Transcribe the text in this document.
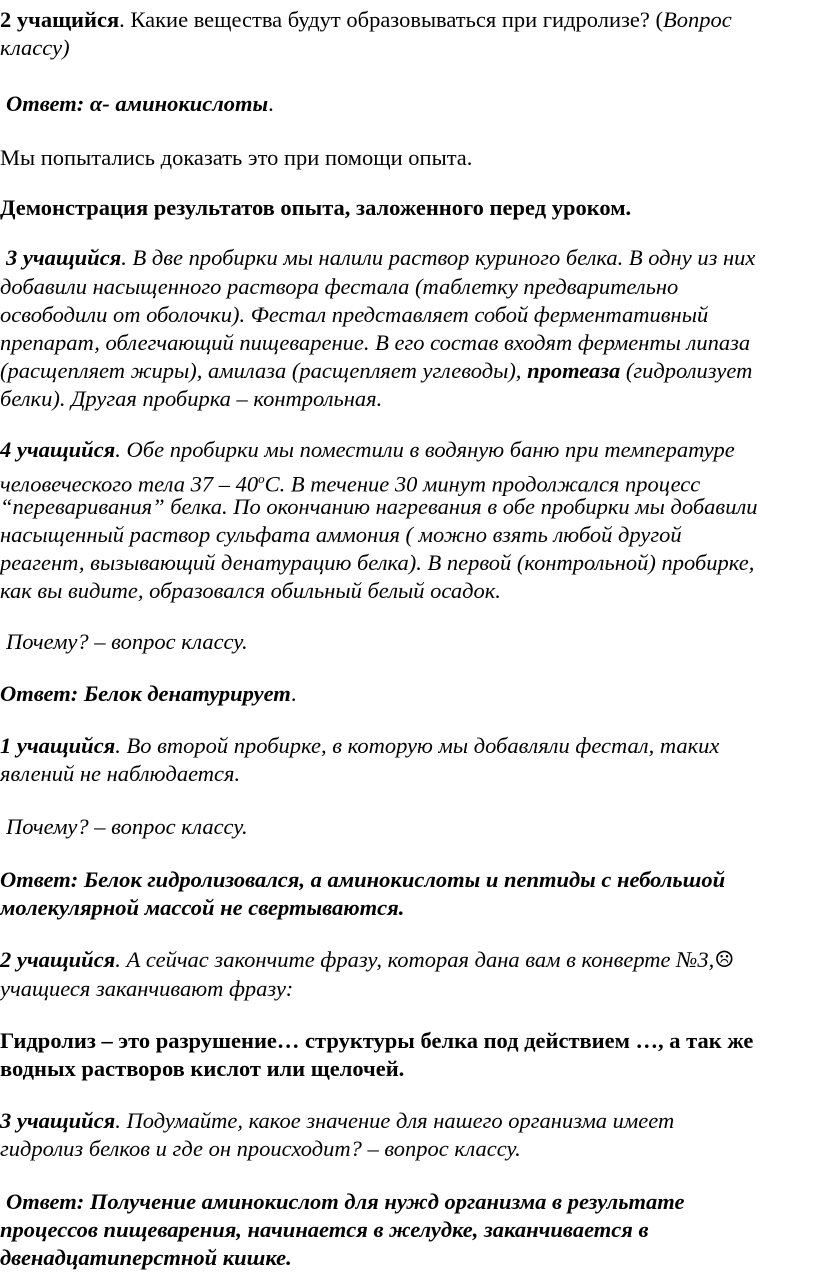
2 учащийся. Какие вещества будут образовываться при гидролизе? (Вопрос
классу)
Ответ: α- аминокислоты.
Мы попытались доказать это при помощи опыта.
Демонстрация результатов опыта, заложенного перед уроком.
3 учащийся. В две пробирки мы налили раствор куриного белка. В одну из них
добавили насыщенного раствора фестала (таблетку предварительно
освободили от оболочки). Фестал представляет собой ферментативный
препарат, облегчающий пищеварение. В его состав входят ферменты липаза
(расщепляет жиры), амилаза (расщепляет углеводы), протеаза (гидролизует
белки). Другая пробирка – контрольная.
4 учащийся. Обе пробирки мы поместили в водяную баню при температуре
человеческого тела $37 - 40^оС$. В течение 30 минут продолжался процесс
“переваривания” белка. По окончанию нагревания в обе пробирки мы добавили
насыщенный раствор сульфата аммония ( можно взять любой другой
реагент, вызывающий денатурацию белка). В первой (контрольной) пробирке,
как вы видите, образовался обильный белый осадок.
Почему? – вопрос классу.
Ответ: Белок денатурирует.
1 учащийся. Во второй пробирке, в которую мы добавляли фестал, таких
явлений не наблюдается.
Почему? – вопрос классу.
Ответ: Белок гидролизовался, а аминокислоты и пептиды с небольшой
молекулярной массой не свертываются.
2 учащийся. А сейчас закончите фразу, которая дана вам в конверте №3,☹
учащиеся заканчивают фразу:
Гидролиз – это разрушение… структуры белка под действием …, а так же
водных растворов кислот или щелочей.
3 учащийся. Подумайте, какое значение для нашего организма имеет
гидролиз белков и где он происходит? – вопрос классу.
Ответ: Получение аминокислот для нужд организма в результате
процессов пищеварения, начинается в желудке, заканчивается в
двенадцатиперстной кишке.
